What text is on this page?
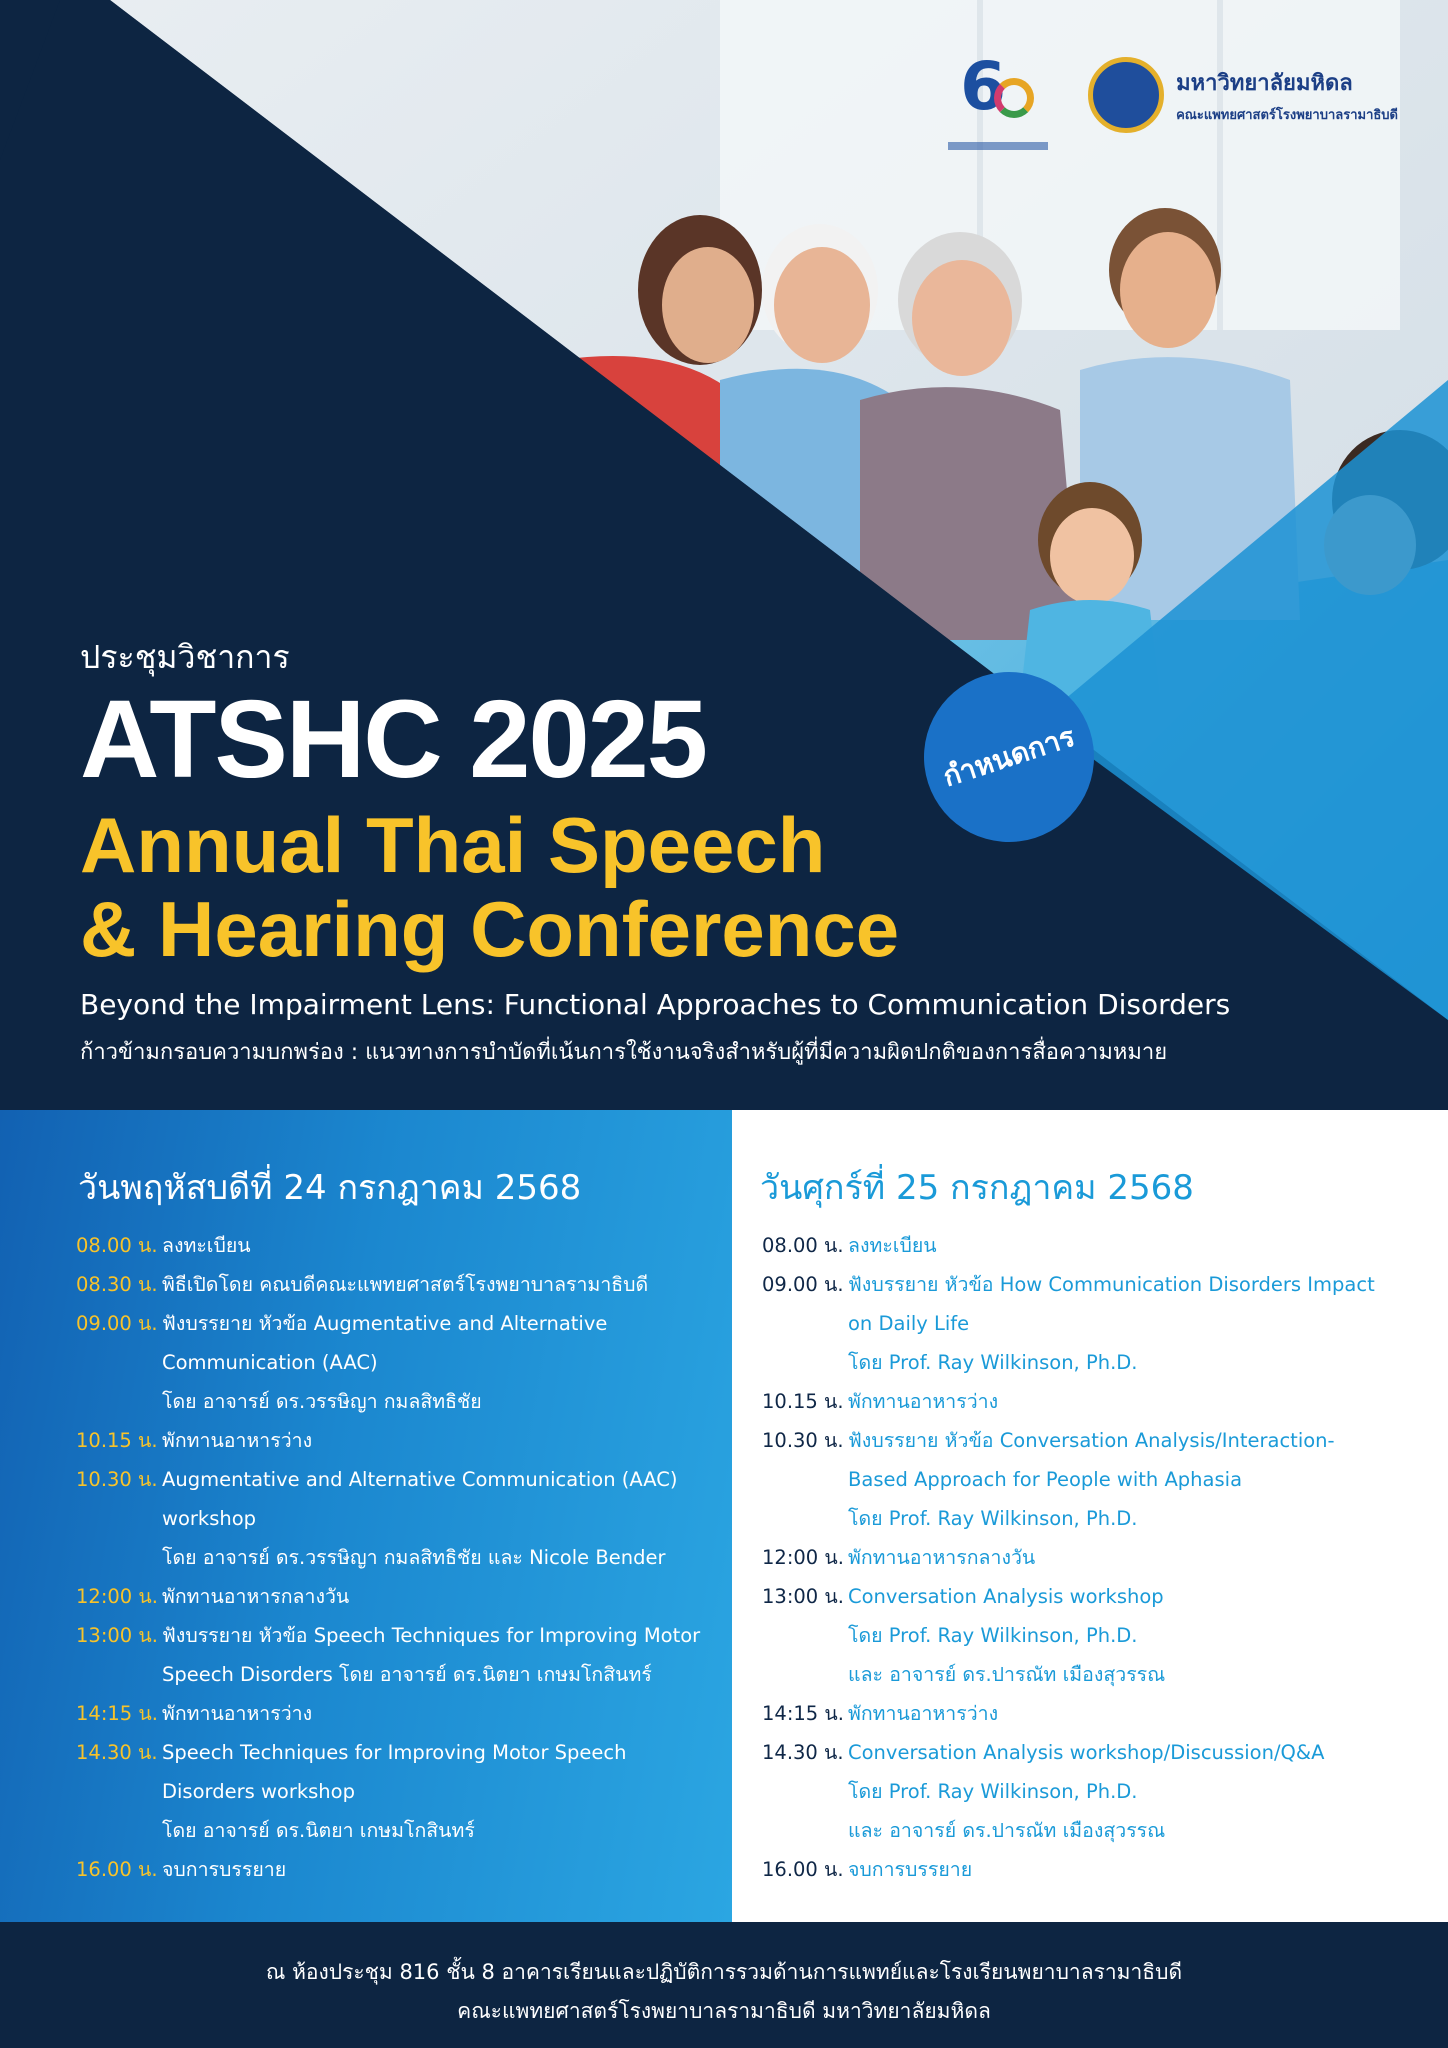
6	มหาวิทยาลัยมหิดล
คณะแพทยศาสตร์โรงพยาบาลรามาธิบดี
ประชุมวิชาการ
ATSHC 2025
Annual Thai Speech
& Hearing Conference
Beyond the Impairment Lens: Functional Approaches to Communication Disorders
ก้าวข้ามกรอบความบกพร่อง : แนวทางการบำบัดที่เน้นการใช้งานจริงสำหรับผู้ที่มีความผิดปกติของการสื่อความหมาย
กำหนดการ
วันพฤหัสบดีที่ 24 กรกฎาคม 2568
08.00 น. ลงทะเบียน
08.30 น. พิธีเปิดโดย คณบดีคณะแพทยศาสตร์โรงพยาบาลรามาธิบดี
09.00 น. ฟังบรรยาย หัวข้อ Augmentative and Alternative
Communication (AAC)
โดย อาจารย์ ดร.วรรษิญา กมลสิทธิชัย
10.15 น. พักทานอาหารว่าง
10.30 น. Augmentative and Alternative Communication (AAC)
workshop
โดย อาจารย์ ดร.วรรษิญา กมลสิทธิชัย และ Nicole Bender
12:00 น. พักทานอาหารกลางวัน
13:00 น. ฟังบรรยาย หัวข้อ Speech Techniques for Improving Motor
Speech Disorders โดย อาจารย์ ดร.นิตยา เกษมโกสินทร์
14:15 น. พักทานอาหารว่าง
14.30 น. Speech Techniques for Improving Motor Speech
Disorders workshop
โดย อาจารย์ ดร.นิตยา เกษมโกสินทร์
16.00 น. จบการบรรยาย
วันศุกร์ที่ 25 กรกฎาคม 2568
08.00 น. ลงทะเบียน
09.00 น. ฟังบรรยาย หัวข้อ How Communication Disorders Impact
on Daily Life
โดย Prof. Ray Wilkinson, Ph.D.
10.15 น. พักทานอาหารว่าง
10.30 น. ฟังบรรยาย หัวข้อ Conversation Analysis/Interaction-
Based Approach for People with Aphasia
โดย Prof. Ray Wilkinson, Ph.D.
12:00 น. พักทานอาหารกลางวัน
13:00 น. Conversation Analysis workshop
โดย Prof. Ray Wilkinson, Ph.D.
และ อาจารย์ ดร.ปารณัท เมืองสุวรรณ
14:15 น. พักทานอาหารว่าง
14.30 น. Conversation Analysis workshop/Discussion/Q&A
โดย Prof. Ray Wilkinson, Ph.D.
และ อาจารย์ ดร.ปารณัท เมืองสุวรรณ
16.00 น. จบการบรรยาย
ณ ห้องประชุม 816 ชั้น 8 อาคารเรียนและปฏิบัติการรวมด้านการแพทย์และโรงเรียนพยาบาลรามาธิบดี
คณะแพทยศาสตร์โรงพยาบาลรามาธิบดี มหาวิทยาลัยมหิดล
